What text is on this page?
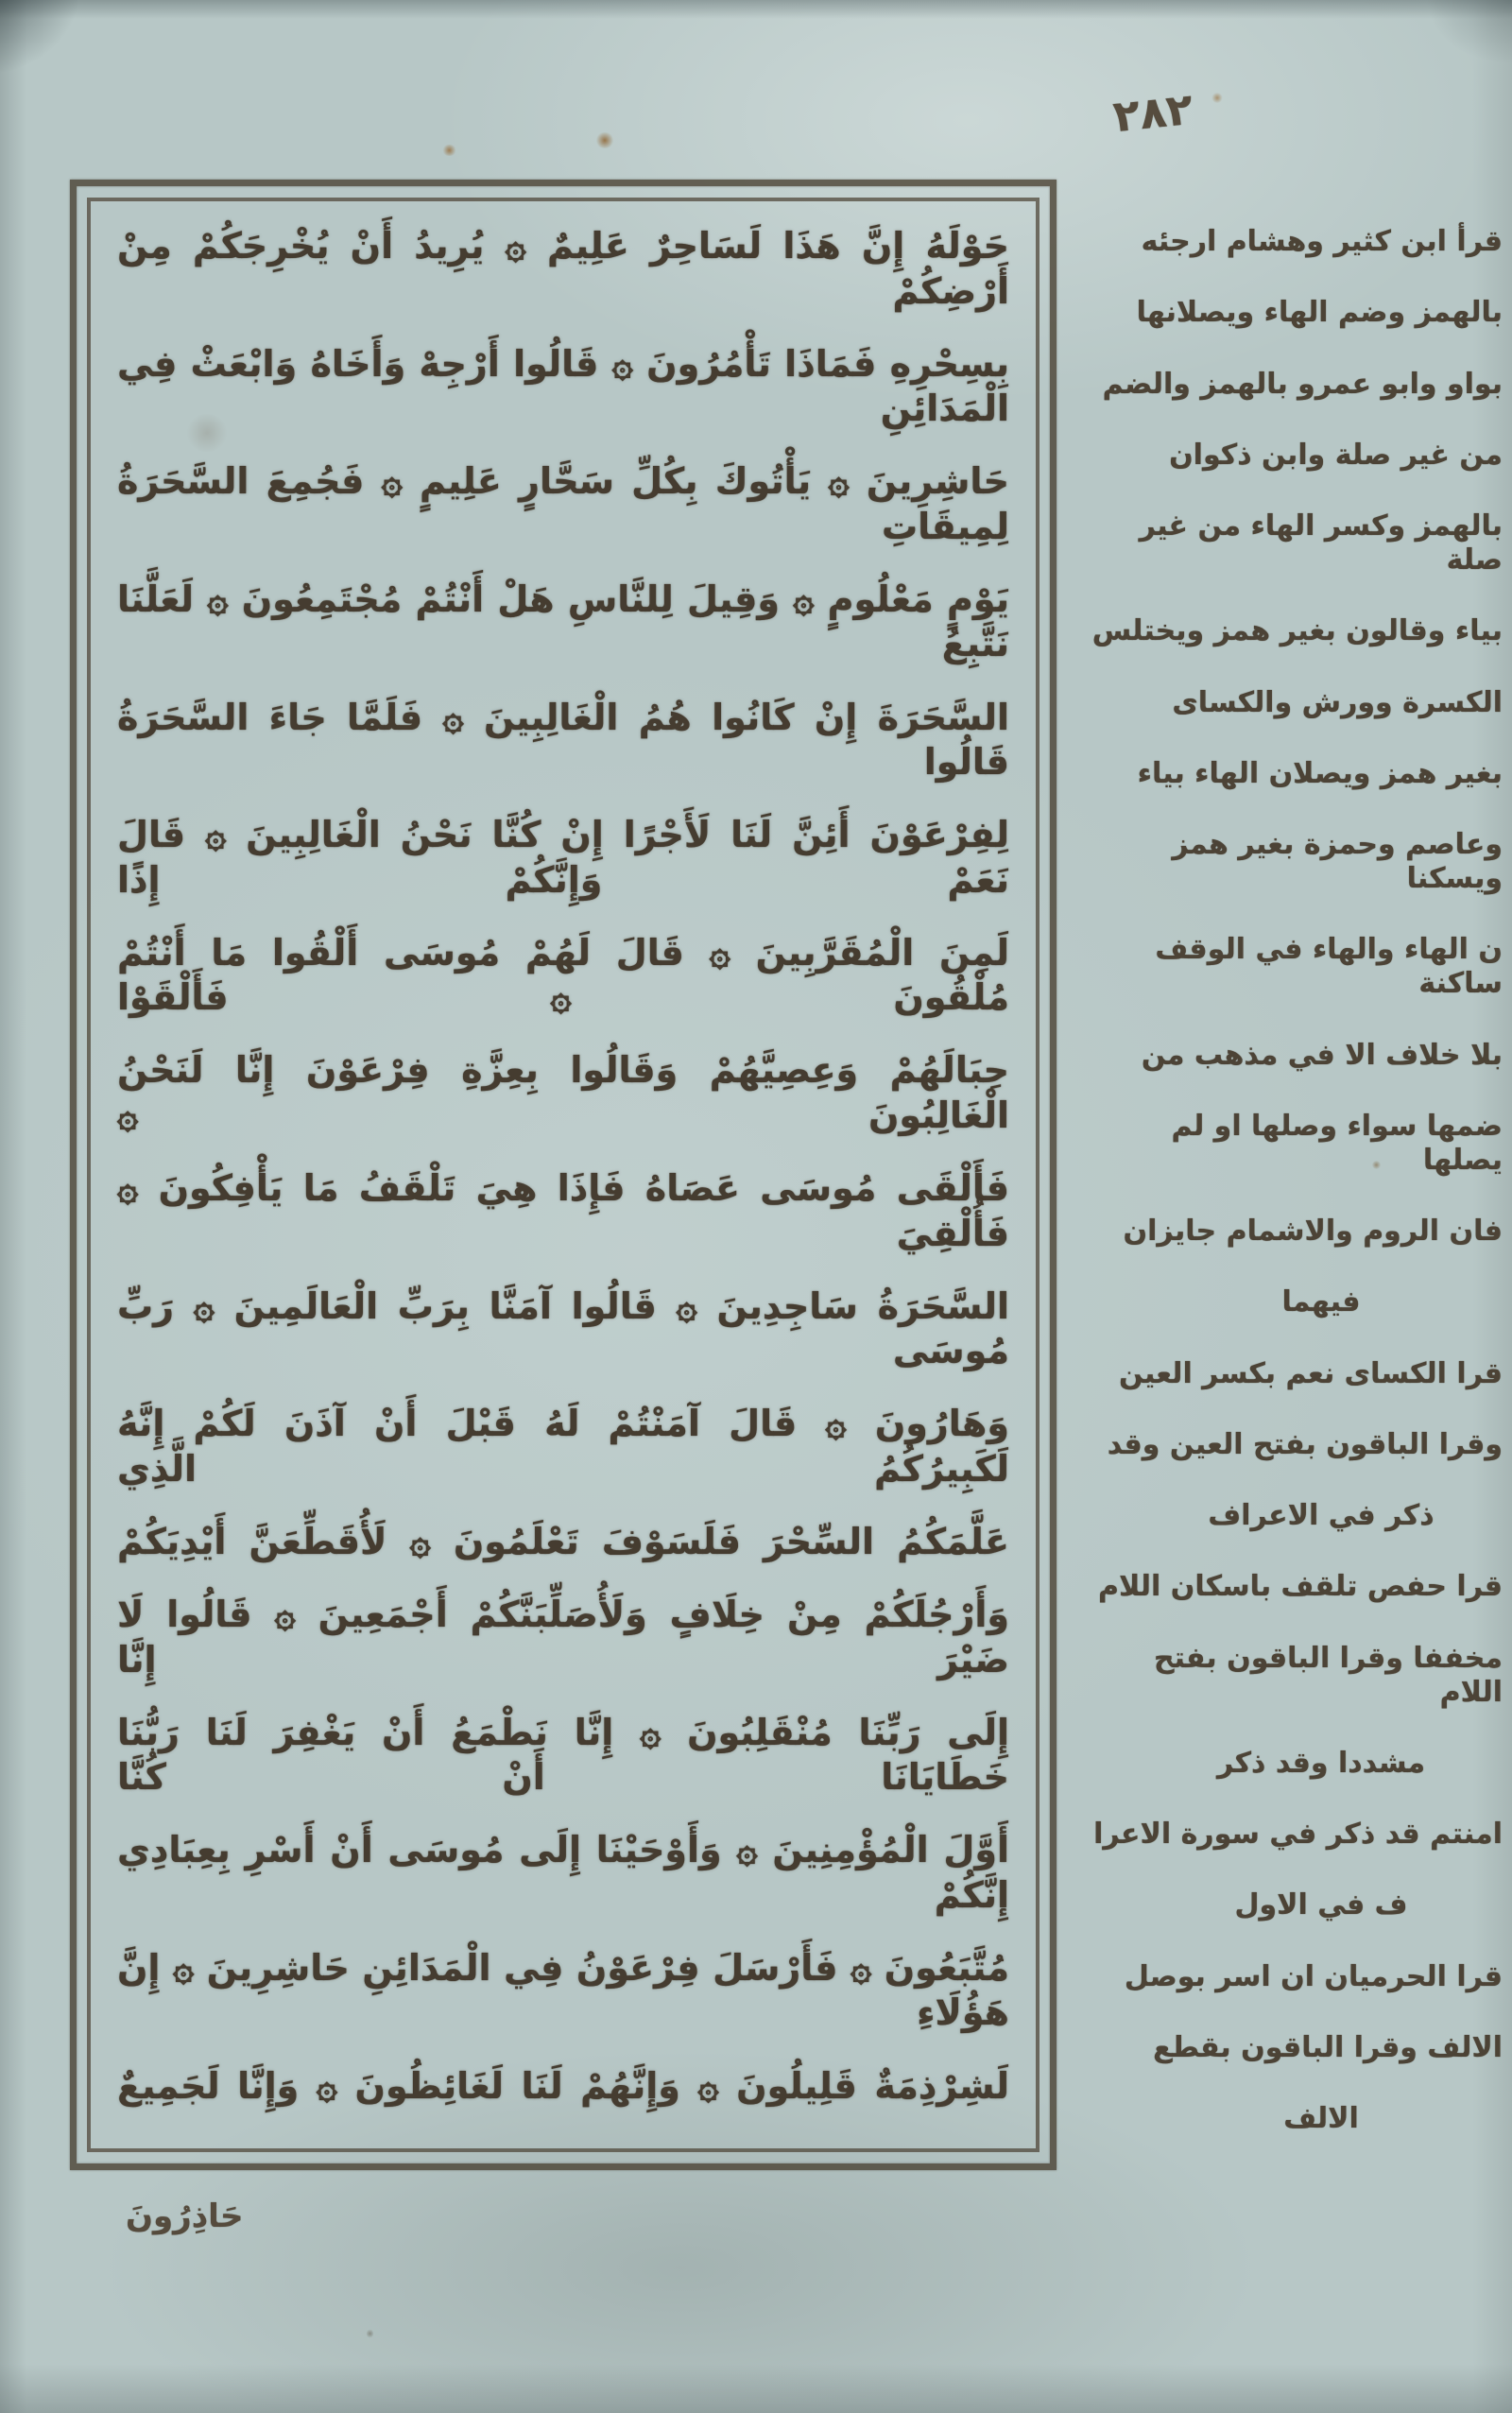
٢٨٢
حَوْلَهُ إِنَّ هَذَا لَسَاحِرٌ عَلِيمٌ ۞ يُرِيدُ أَنْ يُخْرِجَكُمْ مِنْ أَرْضِكُمْ
بِسِحْرِهِ فَمَاذَا تَأْمُرُونَ ۞ قَالُوا أَرْجِهْ وَأَخَاهُ وَابْعَثْ فِي الْمَدَائِنِ
حَاشِرِينَ ۞ يَأْتُوكَ بِكُلِّ سَحَّارٍ عَلِيمٍ ۞ فَجُمِعَ السَّحَرَةُ لِمِيقَاتِ
يَوْمٍ مَعْلُومٍ ۞ وَقِيلَ لِلنَّاسِ هَلْ أَنْتُمْ مُجْتَمِعُونَ ۞ لَعَلَّنَا نَتَّبِعُ
السَّحَرَةَ إِنْ كَانُوا هُمُ الْغَالِبِينَ ۞ فَلَمَّا جَاءَ السَّحَرَةُ قَالُوا
لِفِرْعَوْنَ أَئِنَّ لَنَا لَأَجْرًا إِنْ كُنَّا نَحْنُ الْغَالِبِينَ ۞ قَالَ نَعَمْ وَإِنَّكُمْ إِذًا
لَمِنَ الْمُقَرَّبِينَ ۞ قَالَ لَهُمْ مُوسَى أَلْقُوا مَا أَنْتُمْ مُلْقُونَ ۞ فَأَلْقَوْا
حِبَالَهُمْ وَعِصِيَّهُمْ وَقَالُوا بِعِزَّةِ فِرْعَوْنَ إِنَّا لَنَحْنُ الْغَالِبُونَ ۞
فَأَلْقَى مُوسَى عَصَاهُ فَإِذَا هِيَ تَلْقَفُ مَا يَأْفِكُونَ ۞ فَأُلْقِيَ
السَّحَرَةُ سَاجِدِينَ ۞ قَالُوا آمَنَّا بِرَبِّ الْعَالَمِينَ ۞ رَبِّ مُوسَى
وَهَارُونَ ۞ قَالَ آمَنْتُمْ لَهُ قَبْلَ أَنْ آذَنَ لَكُمْ إِنَّهُ لَكَبِيرُكُمُ الَّذِي
عَلَّمَكُمُ السِّحْرَ فَلَسَوْفَ تَعْلَمُونَ ۞ لَأُقَطِّعَنَّ أَيْدِيَكُمْ
وَأَرْجُلَكُمْ مِنْ خِلَافٍ وَلَأُصَلِّبَنَّكُمْ أَجْمَعِينَ ۞ قَالُوا لَا ضَيْرَ إِنَّا
إِلَى رَبِّنَا مُنْقَلِبُونَ ۞ إِنَّا نَطْمَعُ أَنْ يَغْفِرَ لَنَا رَبُّنَا خَطَايَانَا أَنْ كُنَّا
أَوَّلَ الْمُؤْمِنِينَ ۞ وَأَوْحَيْنَا إِلَى مُوسَى أَنْ أَسْرِ بِعِبَادِي إِنَّكُمْ
مُتَّبَعُونَ ۞ فَأَرْسَلَ فِرْعَوْنُ فِي الْمَدَائِنِ حَاشِرِينَ ۞ إِنَّ هَؤُلَاءِ
لَشِرْذِمَةٌ قَلِيلُونَ ۞ وَإِنَّهُمْ لَنَا لَغَائِظُونَ ۞ وَإِنَّا لَجَمِيعٌ
قرأ ابن كثير وهشام ارجئه
بالهمز وضم الهاء ويصلانها
بواو وابو عمرو بالهمز والضم
من غير صلة وابن ذكوان
بالهمز وكسر الهاء من غير صلة
بياء وقالون بغير همز ويختلس
الكسرة وورش والكساى
بغير همز ويصلان الهاء بياء
وعاصم وحمزة بغير همز ويسكنا
ن الهاء والهاء في الوقف ساكنة
بلا خلاف الا في مذهب من
ضمها سواء وصلها او لم يصلها
فان الروم والاشمام جايزان
فيهما
قرا الكساى نعم بكسر العين
وقرا الباقون بفتح العين وقد
ذكر في الاعراف
قرا حفص تلقف باسكان اللام
مخففا وقرا الباقون بفتح اللام
مشددا وقد ذكر
امنتم قد ذكر في سورة الاعرا
ف في الاول
قرا الحرميان ان اسر بوصل
الالف وقرا الباقون بقطع
الالف
حَاذِرُونَ
